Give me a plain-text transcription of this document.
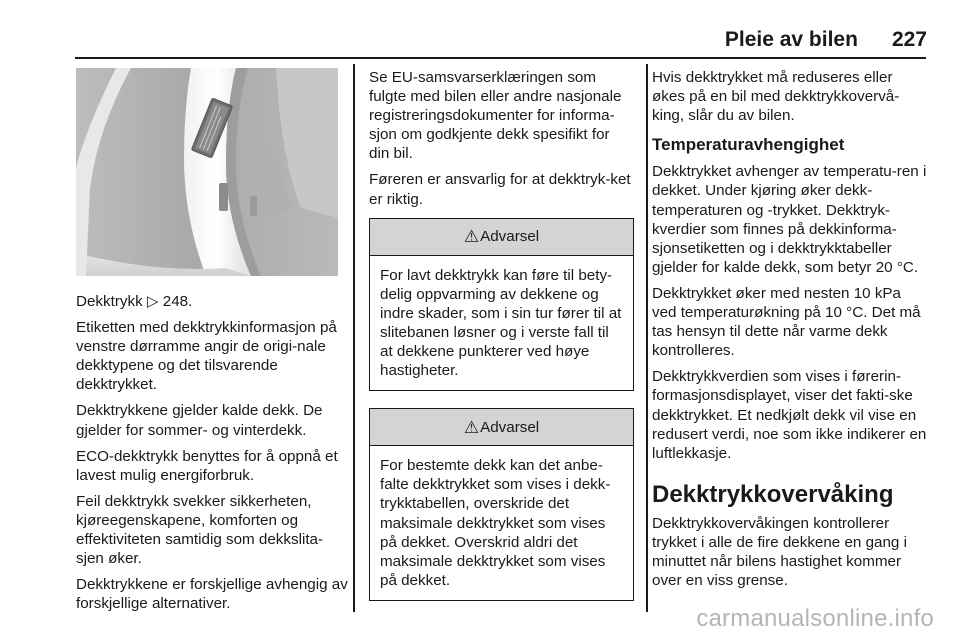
Pleie av bilen 227

Dekktrykk ▷ 248.

Etiketten med dekktrykkinformasjon på venstre dørramme angir de origi-nale dekktypene og det tilsvarende dekktrykket.

Dekktrykkene gjelder kalde dekk. De gjelder for sommer- og vinterdekk.

ECO-dekktrykk benyttes for å oppnå et lavest mulig energiforbruk.

Feil dekktrykk svekker sikkerheten, kjøreegenskapene, komforten og effektiviteten samtidig som dekkslita-sjen øker.

Dekktrykkene er forskjellige avhengig av forskjellige alternativer.

Se EU-samsvarserklæringen som fulgte med bilen eller andre nasjonale registreringsdokumenter for informa-sjon om godkjente dekk spesifikt for din bil.

Føreren er ansvarlig for at dekktryk-ket er riktig.

⚠ Advarsel
For lavt dekktrykk kan føre til bety-delig oppvarming av dekkene og indre skader, som i sin tur fører til at slitebanen løsner og i verste fall til at dekkene punkterer ved høye hastigheter.
⚠ Advarsel
For bestemte dekk kan det anbe-falte dekktrykket som vises i dekk-trykktabellen, overskride det maksimale dekktrykket som vises på dekket. Overskrid aldri det maksimale dekktrykket som vises på dekket.

Hvis dekktrykket må reduseres eller økes på en bil med dekktrykkovervå-king, slår du av bilen.

Temperaturavhengighet

Dekktrykket avhenger av temperatu-ren i dekket. Under kjøring øker dekk-temperaturen og -trykket. Dekktryk-kverdier som finnes på dekkinforma-sjonsetiketten og i dekktrykktabeller gjelder for kalde dekk, som betyr 20 °C.

Dekktrykket øker med nesten 10 kPa ved temperaturøkning på 10 °C. Det må tas hensyn til dette når varme dekk kontrolleres.

Dekktrykkverdien som vises i førerin-formasjonsdisplayet, viser det fakti-ske dekktrykket. Et nedkjølt dekk vil vise en redusert verdi, noe som ikke indikerer en luftlekkasje.

Dekktrykkovervåking

Dekktrykkovervåkingen kontrollerer trykket i alle de fire dekkene en gang i minuttet når bilens hastighet kommer over en viss grense.

carmanualsonline.info
